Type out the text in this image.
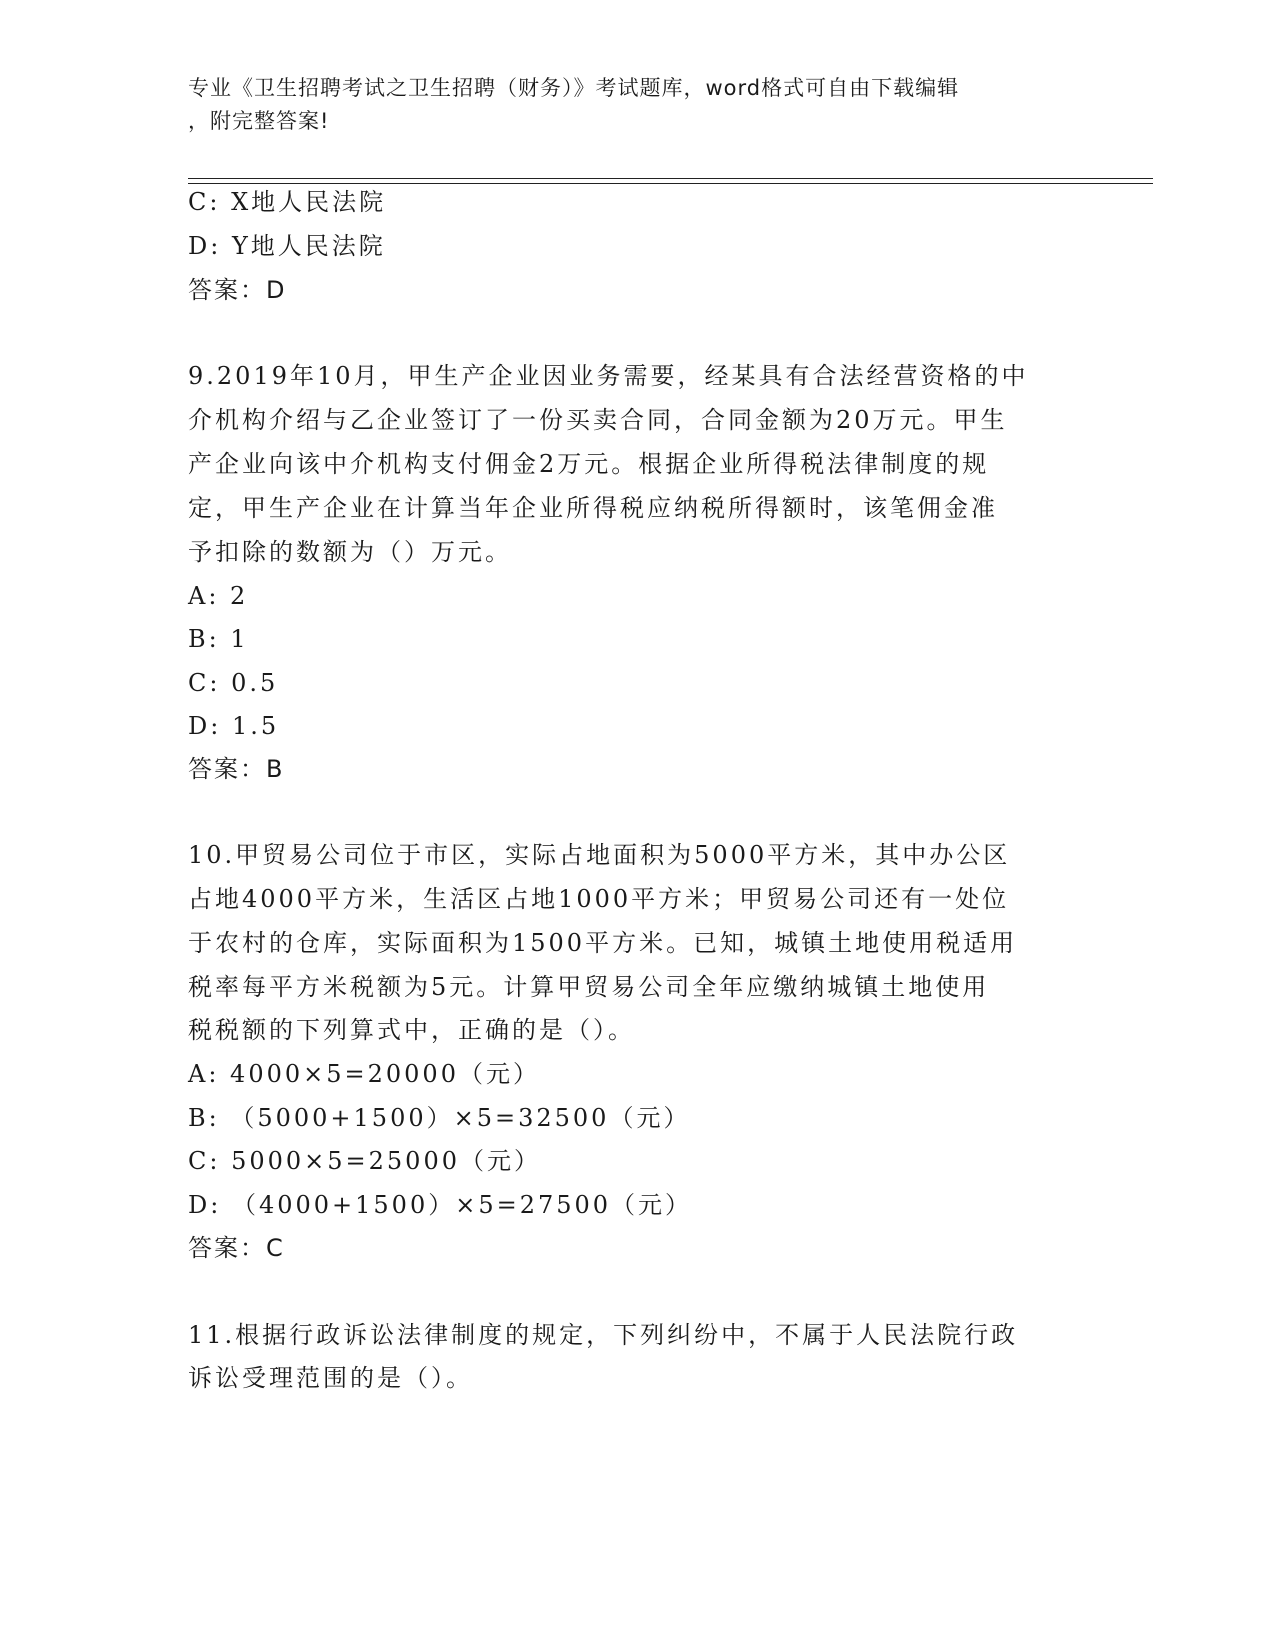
专业《卫生招聘考试之卫生招聘（财务）》考试题库，word格式可自由下载编辑

，附完整答案!

C: X地人民法院
D: Y地人民法院
答案：D
9.2019年10月，甲生产企业因业务需要，经某具有合法经营资格的中
介机构介绍与乙企业签订了一份买卖合同，合同金额为20万元。甲生
产企业向该中介机构支付佣金2万元。根据企业所得税法律制度的规
定，甲生产企业在计算当年企业所得税应纳税所得额时，该笔佣金准
予扣除的数额为（）万元。
A: 2
B: 1
C: 0.5
D: 1.5
答案：B
10.甲贸易公司位于市区，实际占地面积为5000平方米，其中办公区
占地4000平方米，生活区占地1000平方米；甲贸易公司还有一处位
于农村的仓库，实际面积为1500平方米。已知，城镇土地使用税适用
税率每平方米税额为5元。计算甲贸易公司全年应缴纳城镇土地使用
税税额的下列算式中，正确的是（）。
A: 4000×5=20000（元）
B: （5000+1500）×5=32500（元）
C: 5000×5=25000（元）
D: （4000+1500）×5=27500（元）
答案：C
11.根据行政诉讼法律制度的规定，下列纠纷中，不属于人民法院行政
诉讼受理范围的是（）。
